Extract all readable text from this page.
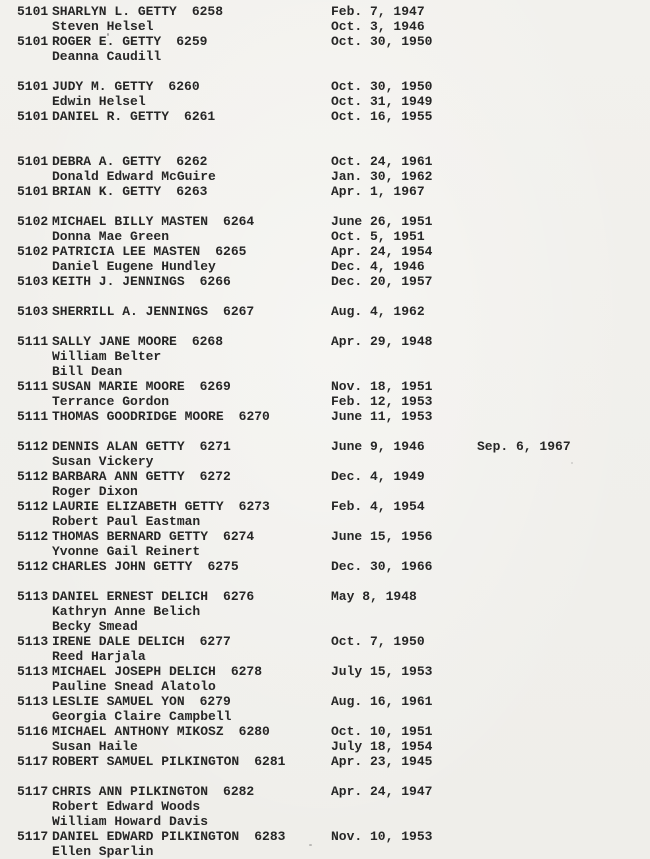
5101 SHARLYN L. GETTY 6258	Feb. 7, 1947
Steven Helsel	Oct. 3, 1946
5101 ROGER E. GETTY 6259	Oct. 30, 1950
Deanna Caudill
5101 JUDY M. GETTY 6260	Oct. 30, 1950
Edwin Helsel	Oct. 31, 1949
5101 DANIEL R. GETTY 6261	Oct. 16, 1955
5101 DEBRA A. GETTY 6262	Oct. 24, 1961
Donald Edward McGuire	Jan. 30, 1962
5101 BRIAN K. GETTY 6263	Apr. 1, 1967
5102 MICHAEL BILLY MASTEN 6264	June 26, 1951
Donna Mae Green	Oct. 5, 1951
5102 PATRICIA LEE MASTEN 6265	Apr. 24, 1954
Daniel Eugene Hundley	Dec. 4, 1946
5103 KEITH J. JENNINGS 6266	Dec. 20, 1957
5103 SHERRILL A. JENNINGS 6267	Aug. 4, 1962
5111 SALLY JANE MOORE 6268	Apr. 29, 1948
William Belter
Bill Dean
5111 SUSAN MARIE MOORE 6269	Nov. 18, 1951
Terrance Gordon	Feb. 12, 1953
5111 THOMAS GOODRIDGE MOORE 6270	June 11, 1953
5112 DENNIS ALAN GETTY 6271	June 9, 1946	Sep. 6, 1967
Susan Vickery
5112 BARBARA ANN GETTY 6272	Dec. 4, 1949
Roger Dixon
5112 LAURIE ELIZABETH GETTY 6273	Feb. 4, 1954
Robert Paul Eastman
5112 THOMAS BERNARD GETTY 6274	June 15, 1956
Yvonne Gail Reinert
5112 CHARLES JOHN GETTY 6275	Dec. 30, 1966
5113 DANIEL ERNEST DELICH 6276	May 8, 1948
Kathryn Anne Belich
Becky Smead
5113 IRENE DALE DELICH 6277	Oct. 7, 1950
Reed Harjala
5113 MICHAEL JOSEPH DELICH 6278	July 15, 1953
Pauline Snead Alatolo
5113 LESLIE SAMUEL YON 6279	Aug. 16, 1961
Georgia Claire Campbell
5116 MICHAEL ANTHONY MIKOSZ 6280	Oct. 10, 1951
Susan Haile	July 18, 1954
5117 ROBERT SAMUEL PILKINGTON 6281	Apr. 23, 1945
5117 CHRIS ANN PILKINGTON 6282	Apr. 24, 1947
Robert Edward Woods
William Howard Davis
5117 DANIEL EDWARD PILKINGTON 6283	Nov. 10, 1953
Ellen Sparlin
